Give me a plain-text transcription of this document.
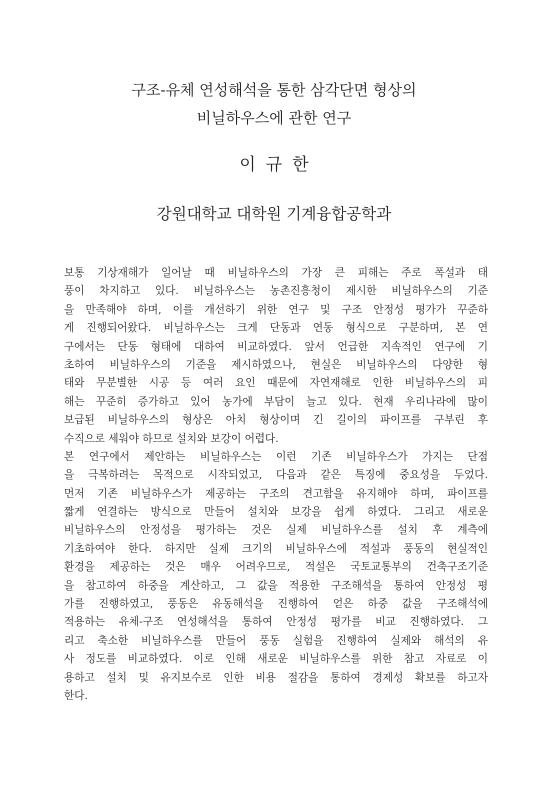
구조-유체 연성해석을 통한 삼각단면 형상의
비닐하우스에 관한 연구
이규한
강원대학교 대학원 기계융합공학과
보통 기상재해가 일어날 때 비닐하우스의 가장 큰 피해는 주로 폭설과 태
풍이 차지하고 있다. 비닐하우스는 농촌진흥청이 제시한 비닐하우스의 기준
을 만족해야 하며, 이를 개선하기 위한 연구 및 구조 안정성 평가가 꾸준하
게 진행되어왔다. 비닐하우스는 크게 단동과 연동 형식으로 구분하며, 본 연
구에서는 단동 형태에 대하여 비교하였다. 앞서 언급한 지속적인 연구에 기
초하여 비닐하우스의 기준을 제시하였으나, 현실은 비닐하우스의 다양한 형
태와 무분별한 시공 등 여러 요인 때문에 자연재해로 인한 비닐하우스의 피
해는 꾸준히 증가하고 있어 농가에 부담이 늘고 있다. 현재 우리나라에 많이
보급된 비닐하우스의 형상은 아치 형상이며 긴 길이의 파이프를 구부린 후
수직으로 세워야 하므로 설치와 보강이 어렵다.
본 연구에서 제안하는 비닐하우스는 이런 기존 비닐하우스가 가지는 단점
을 극복하려는 목적으로 시작되었고, 다음과 같은 특징에 중요성을 두었다.
먼저 기존 비닐하우스가 제공하는 구조의 견고함을 유지해야 하며, 파이프를
짧게 연결하는 방식으로 만들어 설치와 보강을 쉽게 하였다. 그리고 새로운
비닐하우스의 안정성을 평가하는 것은 실제 비닐하우스를 설치 후 계측에
기초하여야 한다. 하지만 실제 크기의 비닐하우스에 적설과 풍동의 현실적인
환경을 제공하는 것은 매우 어려우므로, 적설은 국토교통부의 건축구조기준
을 참고하여 하중을 계산하고, 그 값을 적용한 구조해석을 통하여 안정성 평
가를 진행하였고, 풍동은 유동해석을 진행하여 얻은 하중 값을 구조해석에
적용하는 유체-구조 연성해석을 통하여 안정성 평가를 비교 진행하였다. 그
리고 축소한 비닐하우스를 만들어 풍동 실험을 진행하여 실제와 해석의 유
사 정도를 비교하였다. 이로 인해 새로운 비닐하우스를 위한 참고 자료로 이
용하고 설치 및 유지보수로 인한 비용 절감을 통하여 경제성 확보를 하고자
한다.
